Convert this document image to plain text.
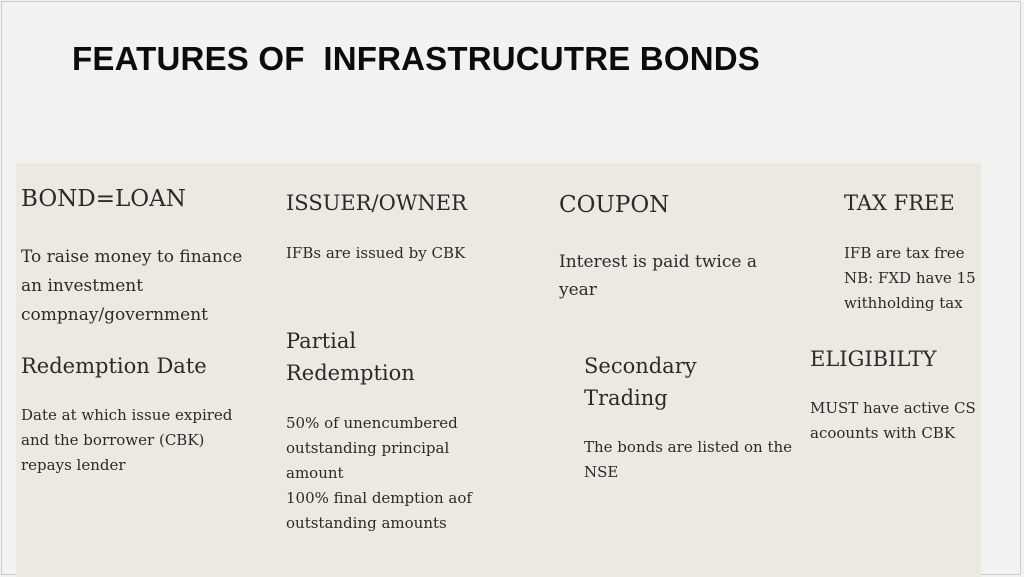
FEATURES OF  INFRASTRUCUTRE BONDS
BOND=LOAN
To raise money to finance an investment compnay/government
ISSUER/OWNER
IFBs are issued by CBK
COUPON
Interest is paid twice a year
TAX FREE
IFB are tax free
NB: FXD have 15
withholding tax
Redemption Date
Date at which issue expired and the borrower (CBK) repays lender
Partial Redemption
50% of unencumbered outstanding principal amount
100% final demption aof outstanding amounts
Secondary Trading
The bonds are listed on the NSE
ELIGIBILTY
MUST have active CS acoounts with CBK
